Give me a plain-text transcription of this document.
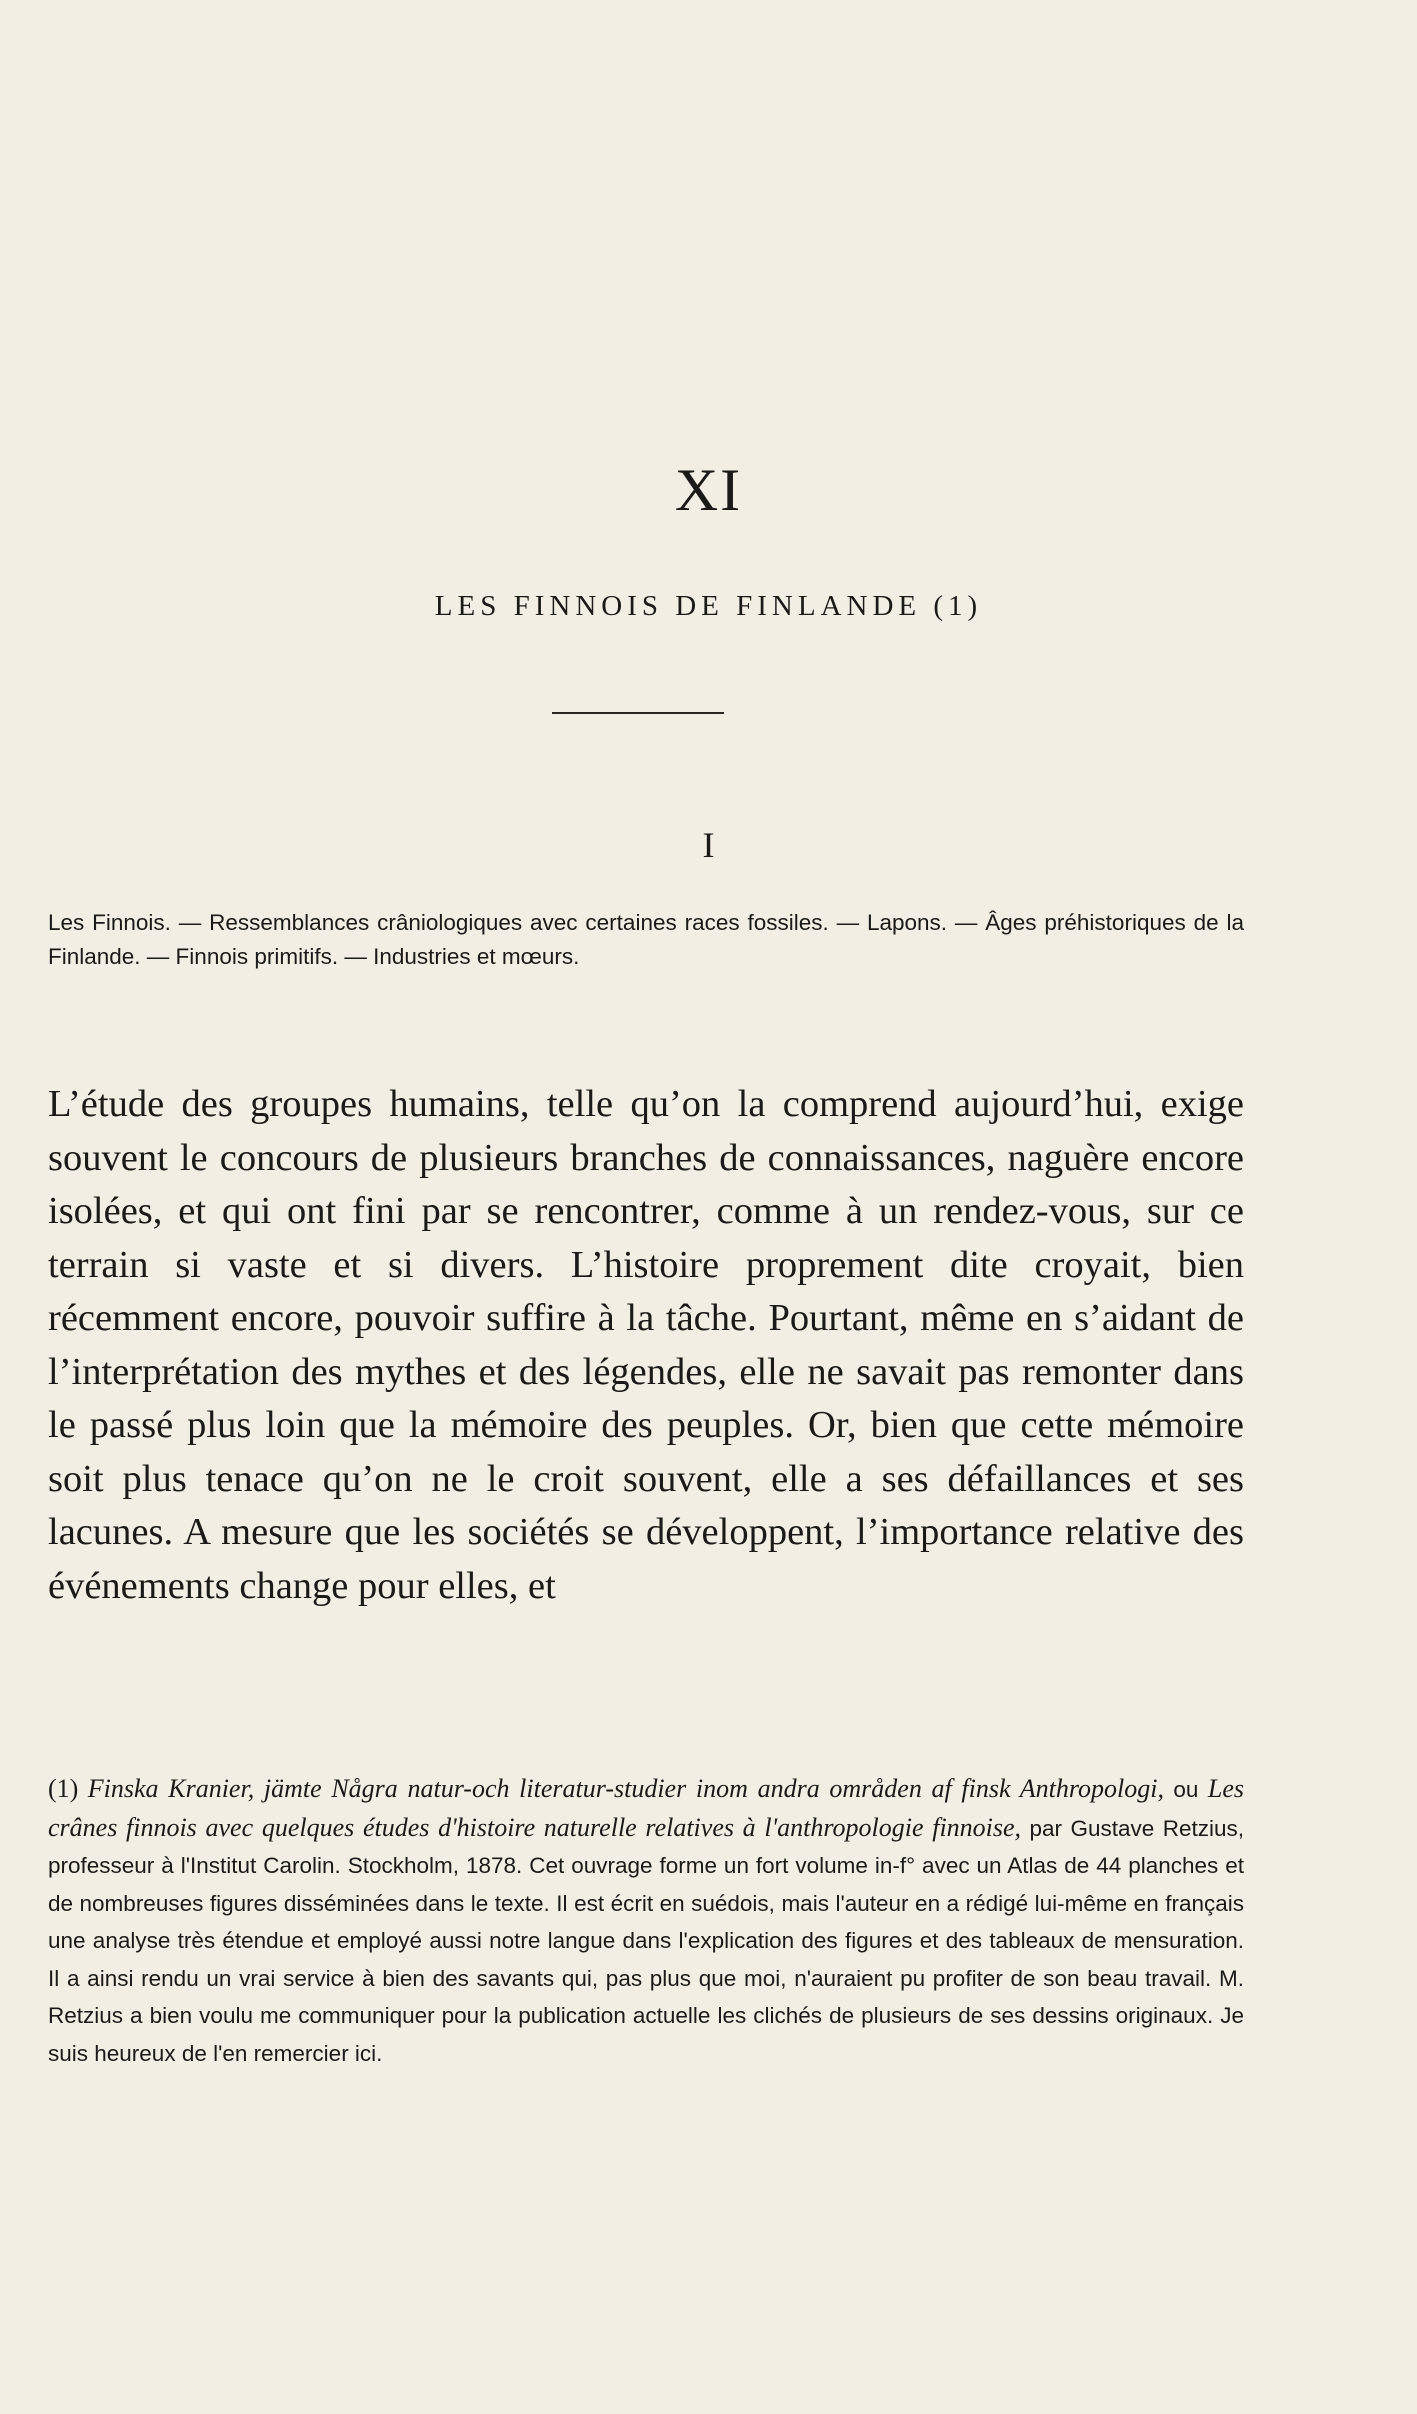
XI
LES FINNOIS DE FINLANDE (1)
I
Les Finnois. — Ressemblances crâniologiques avec certaines races fossiles. — Lapons. — Âges préhistoriques de la Finlande. — Finnois primitifs. — Industries et mœurs.
L’étude des groupes humains, telle qu’on la comprend aujourd’hui, exige souvent le concours de plusieurs branches de connaissances, naguère encore isolées, et qui ont fini par se rencontrer, comme à un rendez-vous, sur ce terrain si vaste et si divers. L’histoire proprement dite croyait, bien récemment encore, pouvoir suffire à la tâche. Pourtant, même en s’aidant de l’interprétation des mythes et des légendes, elle ne savait pas remonter dans le passé plus loin que la mémoire des peuples. Or, bien que cette mémoire soit plus tenace qu’on ne le croit souvent, elle a ses défaillances et ses lacunes. A mesure que les sociétés se développent, l’importance relative des événements change pour elles, et
(1) Finska Kranier, jämte Några natur-och literatur-studier inom andra områden af finsk Anthropologi, ou Les crânes finnois avec quelques études d'histoire naturelle relatives à l'anthropologie finnoise, par Gustave Retzius, professeur à l'Institut Carolin. Stockholm, 1878. Cet ouvrage forme un fort volume in-f° avec un Atlas de 44 planches et de nombreuses figures disséminées dans le texte. Il est écrit en suédois, mais l'auteur en a rédigé lui-même en français une analyse très étendue et employé aussi notre langue dans l'explication des figures et des tableaux de mensuration. Il a ainsi rendu un vrai service à bien des savants qui, pas plus que moi, n'auraient pu profiter de son beau travail. M. Retzius a bien voulu me communiquer pour la publication actuelle les clichés de plusieurs de ses dessins originaux. Je suis heureux de l'en remercier ici.
